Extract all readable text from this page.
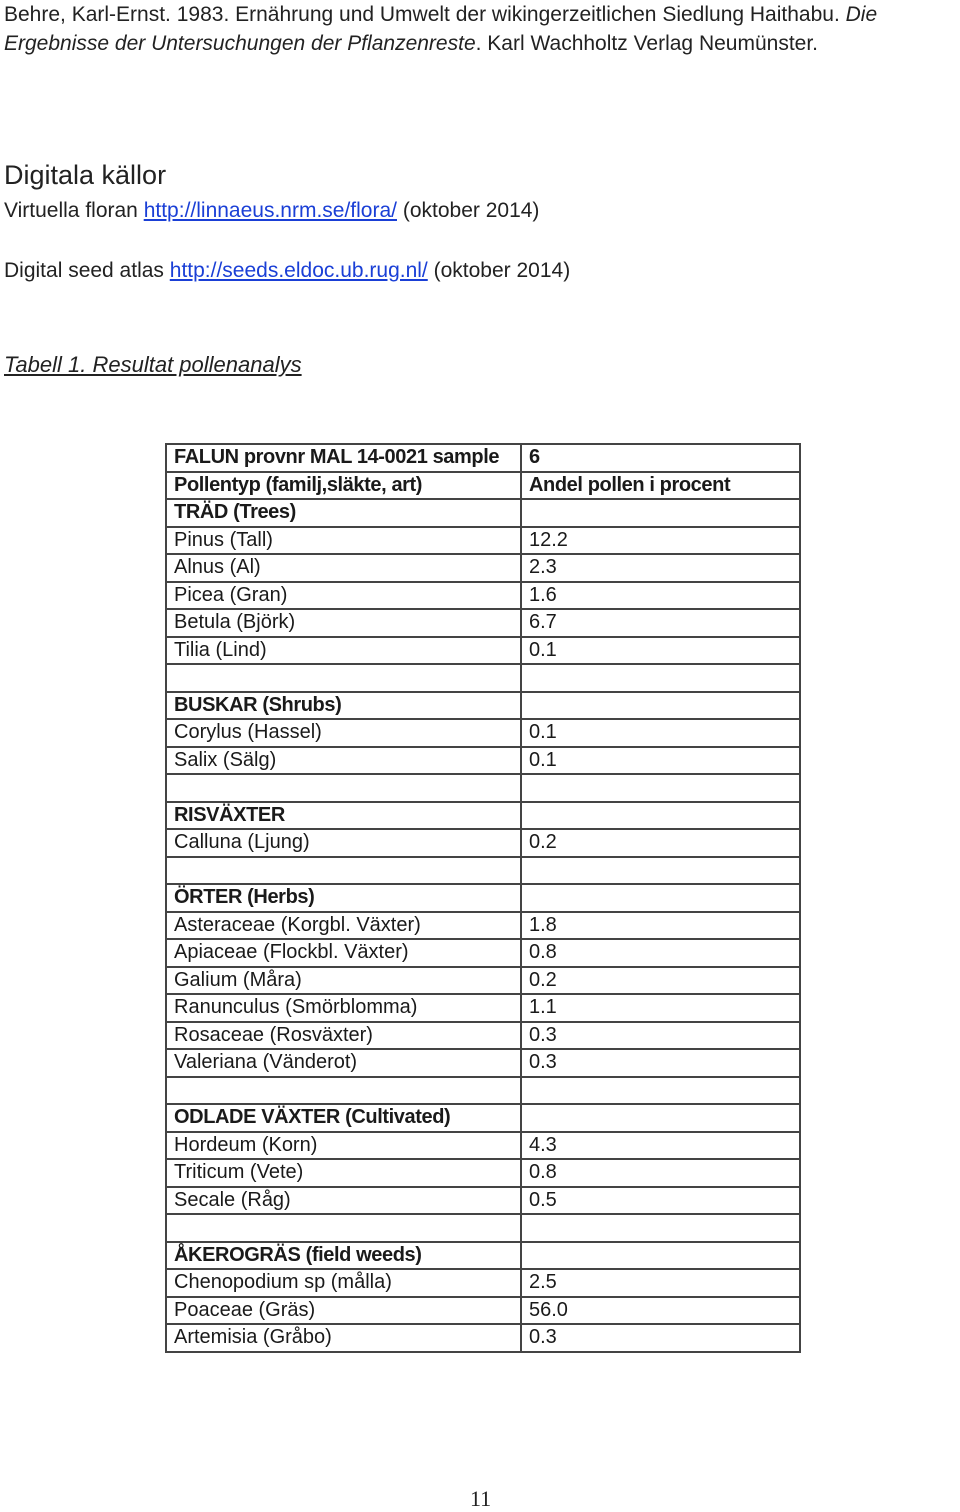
Behre, Karl-Ernst. 1983. Ernährung und Umwelt der wikingerzeitlichen Siedlung Haithabu. Die Ergebnisse der Untersuchungen der Pflanzenreste. Karl Wachholtz Verlag Neumünster.
Digitala källor
Virtuella floran http://linnaeus.nrm.se/flora/ (oktober 2014)
Digital seed atlas http://seeds.eldoc.ub.rug.nl/ (oktober 2014)
Tabell 1. Resultat pollenanalys
FALUN provnr MAL 14-0021 sample	6
Pollentyp (familj,släkte, art)	Andel pollen i procent
TRÄD (Trees)	
Pinus (Tall)	12.2
Alnus (Al)	2.3
Picea (Gran)	1.6
Betula (Björk)	6.7
Tilia (Lind)	0.1

BUSKAR (Shrubs)	
Corylus (Hassel)	0.1
Salix (Sälg)	0.1

RISVÄXTER	
Calluna (Ljung)	0.2

ÖRTER (Herbs)	
Asteraceae (Korgbl. Växter)	1.8
Apiaceae (Flockbl. Växter)	0.8
Galium (Måra)	0.2
Ranunculus (Smörblomma)	1.1
Rosaceae (Rosväxter)	0.3
Valeriana (Vänderot)	0.3

ODLADE VÄXTER (Cultivated)	
Hordeum (Korn)	4.3
Triticum (Vete)	0.8
Secale (Råg)	0.5

ÅKEROGRÄS (field weeds)	
Chenopodium sp (målla)	2.5
Poaceae (Gräs)	56.0
Artemisia (Gråbo)	0.3
11
